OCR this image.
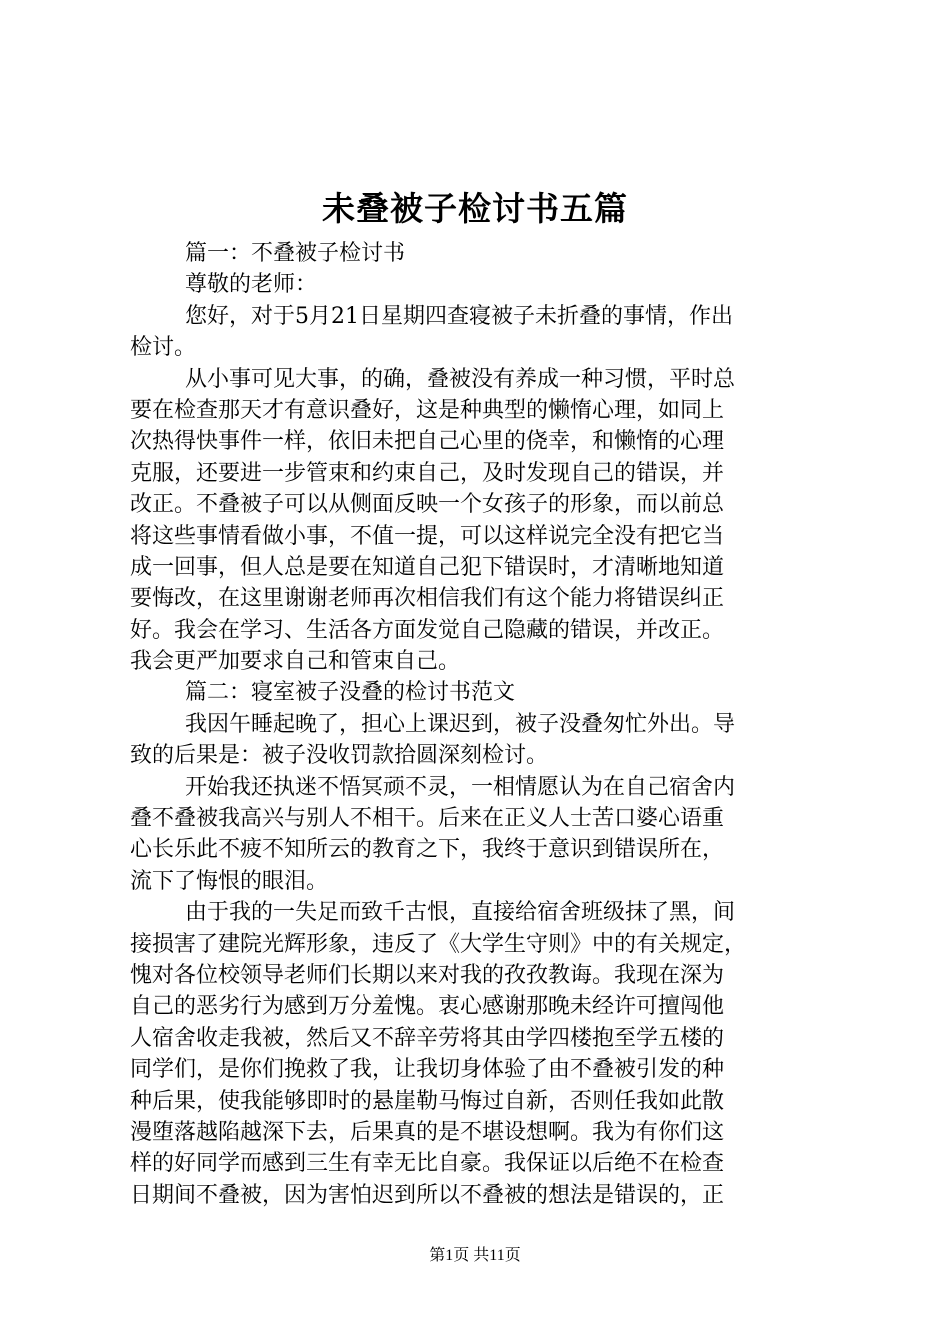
未叠被子检讨书五篇
篇一：不叠被子检讨书
尊敬的老师：
您好，对于5月21日星期四查寝被子未折叠的事情，作出
检讨。
从小事可见大事，的确，叠被没有养成一种习惯，平时总
要在检查那天才有意识叠好，这是种典型的懒惰心理，如同上
次热得快事件一样，依旧未把自己心里的侥幸，和懒惰的心理
克服，还要进一步管束和约束自己，及时发现自己的错误，并
改正。不叠被子可以从侧面反映一个女孩子的形象，而以前总
将这些事情看做小事，不值一提，可以这样说完全没有把它当
成一回事，但人总是要在知道自己犯下错误时，才清晰地知道
要悔改，在这里谢谢老师再次相信我们有这个能力将错误纠正
好。我会在学习、生活各方面发觉自己隐藏的错误，并改正。
我会更严加要求自己和管束自己。
篇二：寝室被子没叠的检讨书范文
我因午睡起晚了，担心上课迟到，被子没叠匆忙外出。导
致的后果是：被子没收罚款拾圆深刻检讨。
开始我还执迷不悟冥顽不灵，一相情愿认为在自己宿舍内
叠不叠被我高兴与别人不相干。后来在正义人士苦口婆心语重
心长乐此不疲不知所云的教育之下，我终于意识到错误所在，
流下了悔恨的眼泪。
由于我的一失足而致千古恨，直接给宿舍班级抹了黑，间
接损害了建院光辉形象，违反了《大学生守则》中的有关规定，
愧对各位校领导老师们长期以来对我的孜孜教诲。我现在深为
自己的恶劣行为感到万分羞愧。衷心感谢那晚未经许可擅闯他
人宿舍收走我被，然后又不辞辛劳将其由学四楼抱至学五楼的
同学们，是你们挽救了我，让我切身体验了由不叠被引发的种
种后果，使我能够即时的悬崖勒马悔过自新，否则任我如此散
漫堕落越陷越深下去，后果真的是不堪设想啊。我为有你们这
样的好同学而感到三生有幸无比自豪。我保证以后绝不在检查
日期间不叠被，因为害怕迟到所以不叠被的想法是错误的，正
第1页 共11页
